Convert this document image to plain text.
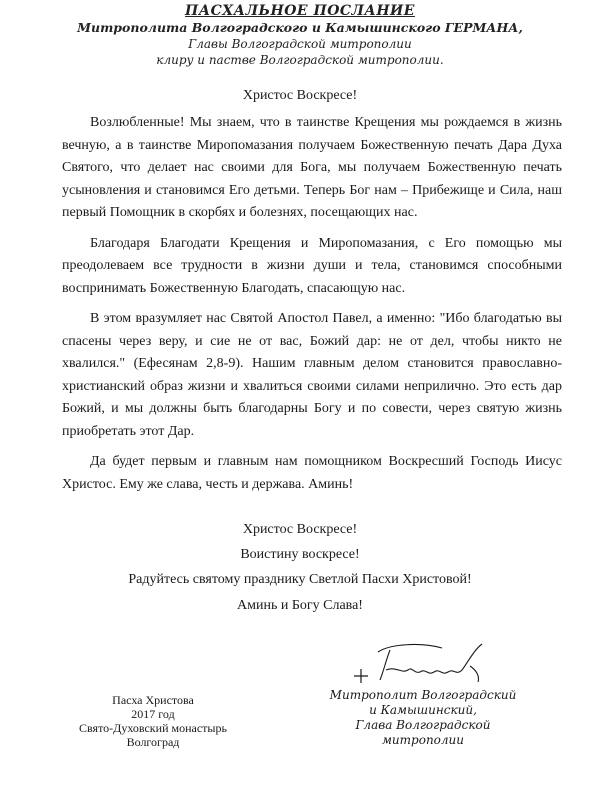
ПАСХАЛЬНОЕ ПОСЛАНИЕ
Митрополита Волгоградского и Камышинского ГЕРМАНА,
Главы Волгоградской митрополии
клиру и пастве Волгоградской митрополии.
Христос Воскресе!

Возлюбленные! Мы знаем, что в таинстве Крещения мы рождаемся в жизнь вечную, а в таинстве Миропомазания получаем Божественную печать Дара Духа Святого, что делает нас своими для Бога, мы получаем Божественную печать усыновления и становимся Его детьми. Теперь Бог нам – Прибежище и Сила, наш первый Помощник в скорбях и болезнях, посещающих нас.

Благодаря Благодати Крещения и Миропомазания, с Его помощью мы преодолеваем все трудности в жизни души и тела, становимся способными воспринимать Божественную Благодать, спасающую нас.

В этом вразумляет нас Святой Апостол Павел, а именно: "Ибо благодатью вы спасены через веру, и сие не от вас, Божий дар: не от дел, чтобы никто не хвалился." (Ефесянам 2,8-9). Нашим главным делом становится православно-христианский образ жизни и хвалиться своими силами неприлично. Это есть дар Божий, и мы должны быть благодарны Богу и по совести, через святую жизнь приобретать этот Дар.

Да будет первым и главным нам помощником Воскресший Господь Иисус Христос. Ему же слава, честь и держава. Аминь!

Христос Воскресе!
Воистину воскресе!
Радуйтесь святому празднику Светлой Пасхи Христовой!
Аминь и Богу Слава!
Пасха Христова
2017 год
Свято-Духовский монастырь
Волгоград
Митрополит Волгоградский
и Камышинский,
Глава Волгоградской митрополии
